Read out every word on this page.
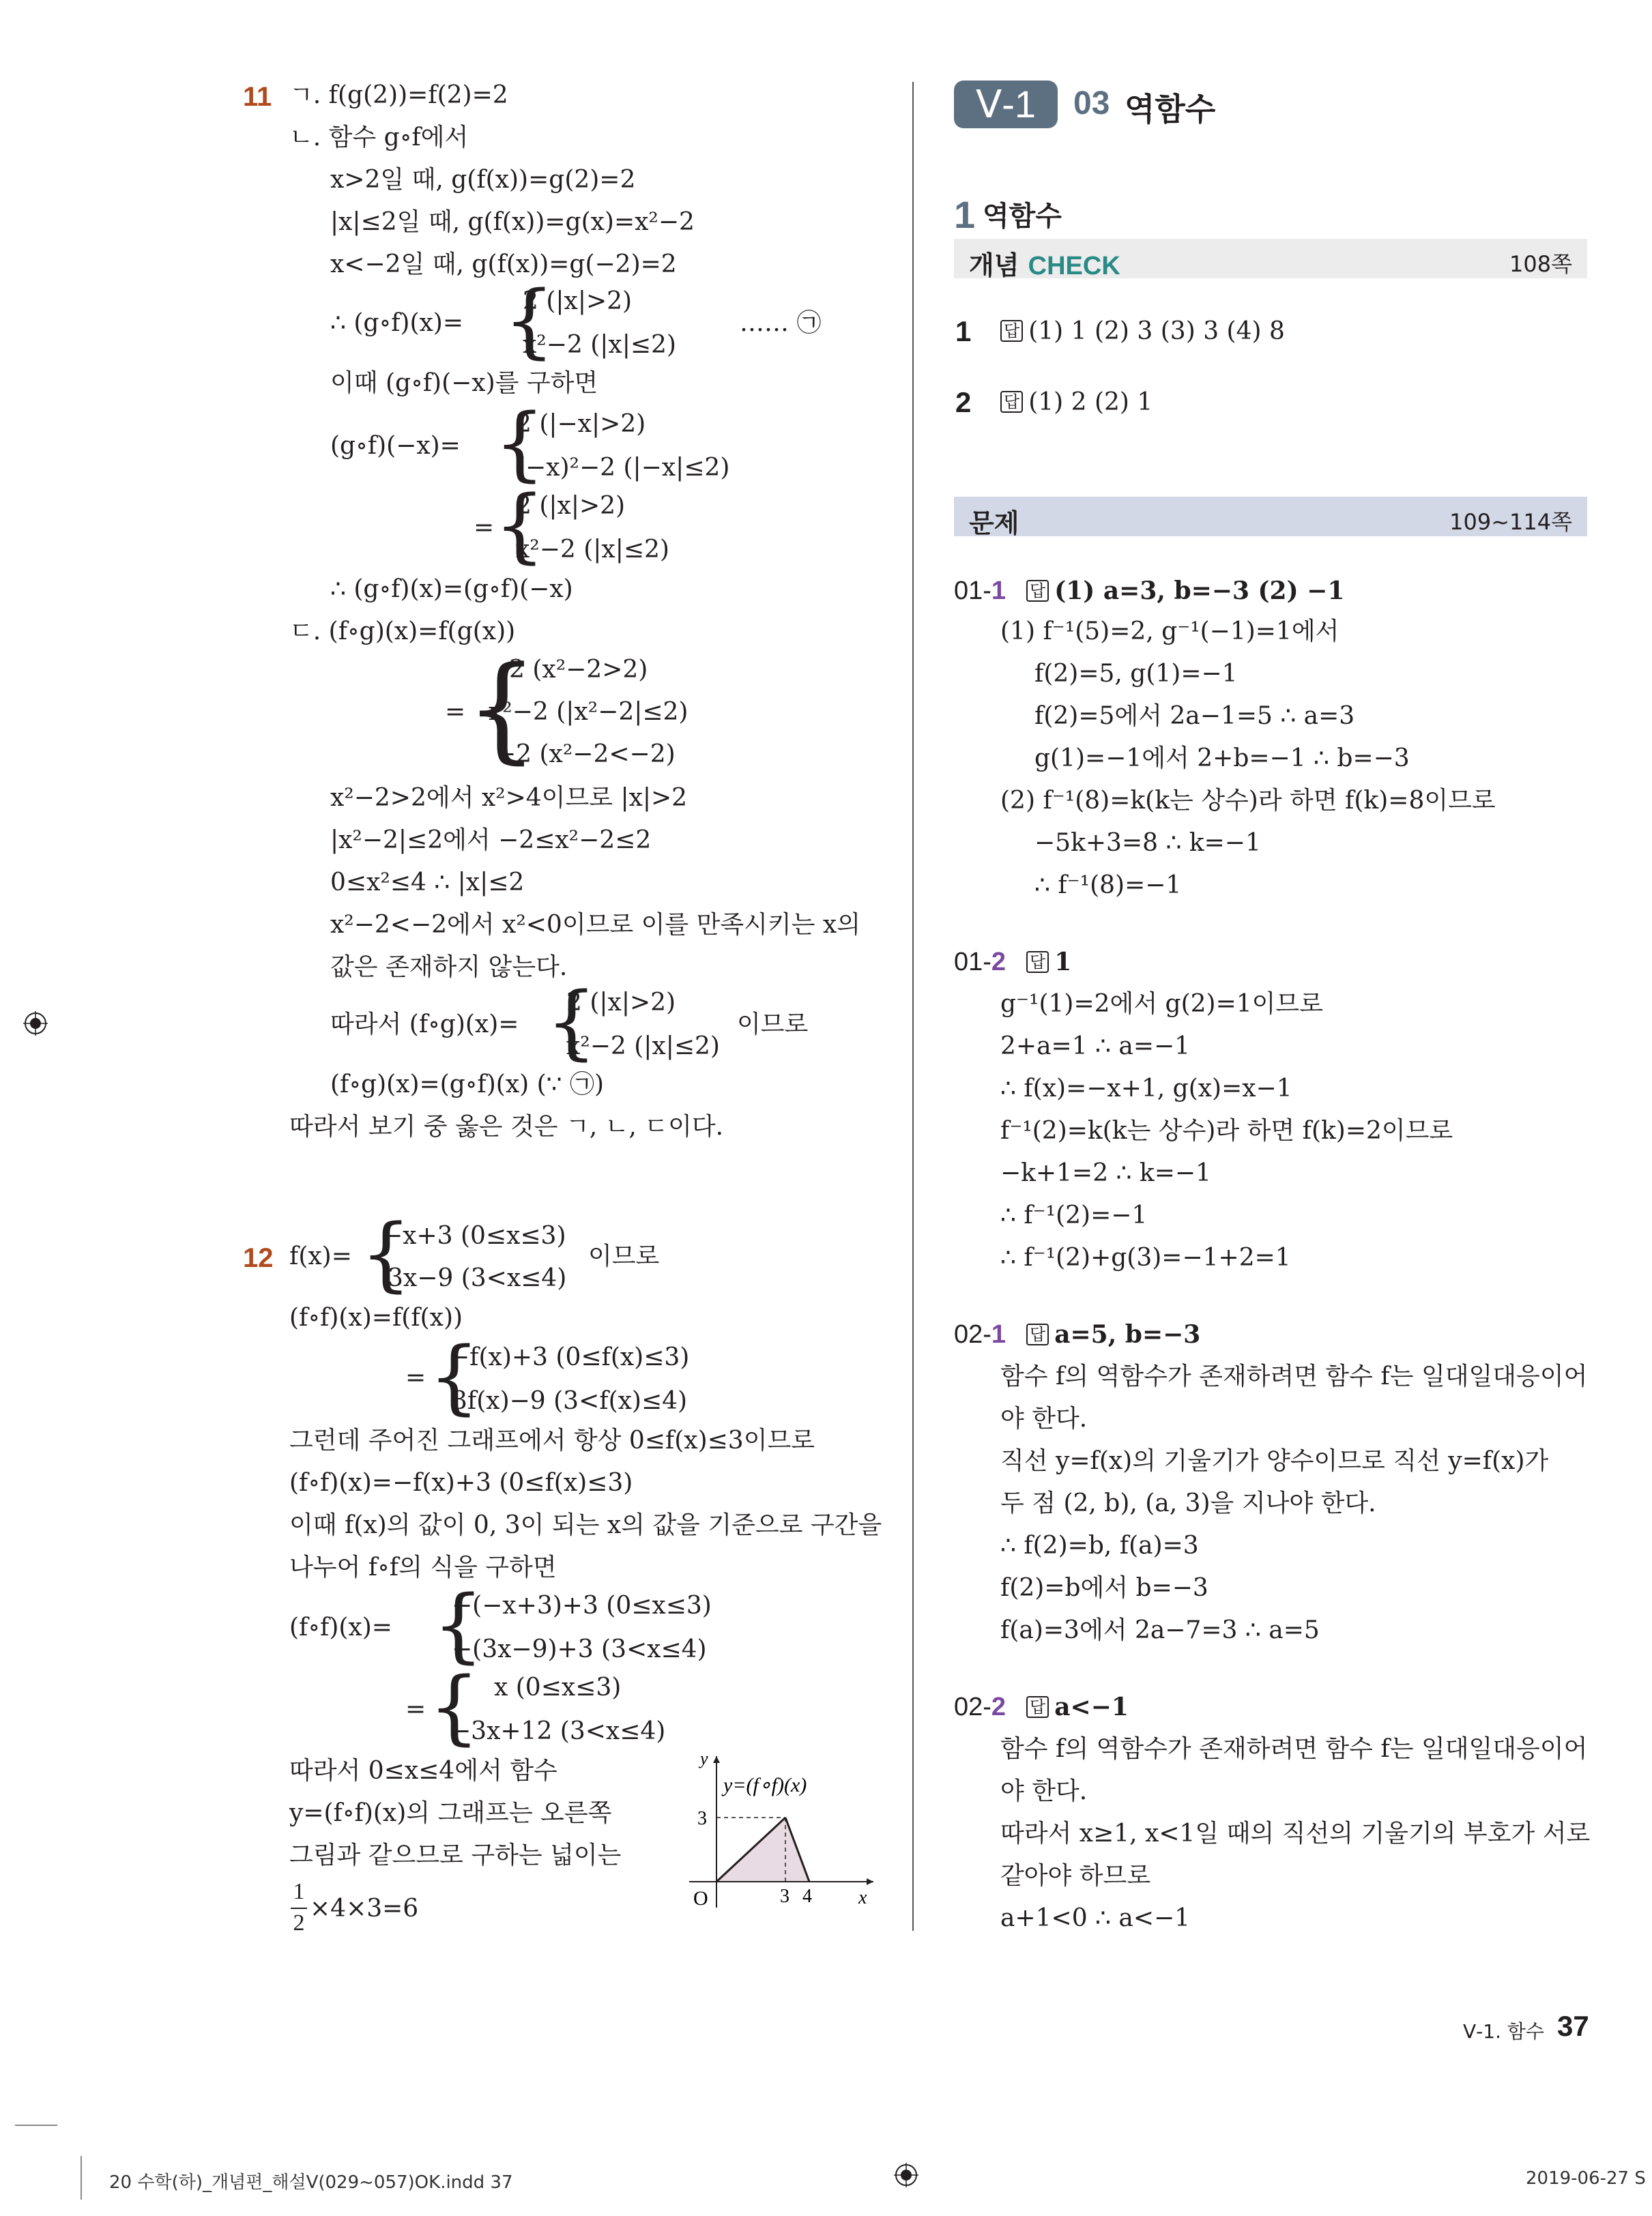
11 ㄱ. f(g(2))=f(2)=2
ㄴ. 함수 g∘f에서
x>2일 때, g(f(x))=g(2)=2
|x|≤2일 때, g(f(x))=g(x)=x²−2
x<−2일 때, g(f(x))=g(−2)=2
∴ (g∘f)(x)= {
2 (|x|>2)
x²−2 (|x|≤2)
…… ㉠
이때 (g∘f)(−x)를 구하면
(g∘f)(−x)= {
2 (|−x|>2)
(−x)²−2 (|−x|≤2)
= {
2 (|x|>2)
x²−2 (|x|≤2)
∴ (g∘f)(x)=(g∘f)(−x)
ㄷ. (f∘g)(x)=f(g(x))
2 (x²−2>2)
= {
x²−2 (|x²−2|≤2)
−2 (x²−2<−2)
x²−2>2에서 x²>4이므로 |x|>2
|x²−2|≤2에서 −2≤x²−2≤2
0≤x²≤4 ∴ |x|≤2
x²−2<−2에서 x²<0이므로 이를 만족시키는 x의
값은 존재하지 않는다.
따라서 (f∘g)(x)= {
2 (|x|>2)
x²−2 (|x|≤2)
이므로
(f∘g)(x)=(g∘f)(x) (∵ ㉠)
따라서 보기 중 옳은 것은 ㄱ, ㄴ, ㄷ이다.
12 f(x)= {
−x+3 (0≤x≤3)
3x−9 (3<x≤4)
이므로
(f∘f)(x)=f(f(x))
= {
−f(x)+3 (0≤f(x)≤3)
3f(x)−9 (3<f(x)≤4)
그런데 주어진 그래프에서 항상 0≤f(x)≤3이므로
(f∘f)(x)=−f(x)+3 (0≤f(x)≤3)
이때 f(x)의 값이 0, 3이 되는 x의 값을 기준으로 구간을
나누어 f∘f의 식을 구하면
(f∘f)(x)= {
−(−x+3)+3 (0≤x≤3)
−(3x−9)+3 (3<x≤4)
= { x (0≤x≤3)
−3x+12 (3<x≤4)
따라서 0≤x≤4에서 함수
y=(f∘f)(x)의 그래프는 오른쪽
그림과 같으므로 구하는 넓이는
1
2
×4×3=6
y=(f∘f)(x)
y
x
O
3
3 4
Ⅴ-1	03 역함수
1 역함수
개념 CHECK	108쪽
1 답 (1) 1 (2) 3 (3) 3 (4) 8
2 답 (1) 2 (2) 1
문제	109∼114쪽
01-1 답 (1) a=3, b=−3 (2) −1
(1) f⁻¹(5)=2, g⁻¹(−1)=1에서
f(2)=5, g(1)=−1
f(2)=5에서 2a−1=5 ∴ a=3
g(1)=−1에서 2+b=−1 ∴ b=−3
(2) f⁻¹(8)=k(k는 상수)라 하면 f(k)=8이므로
−5k+3=8 ∴ k=−1
∴ f⁻¹(8)=−1
01-2 답 1
g⁻¹(1)=2에서 g(2)=1이므로
2+a=1 ∴ a=−1
∴ f(x)=−x+1, g(x)=x−1
f⁻¹(2)=k(k는 상수)라 하면 f(k)=2이므로
−k+1=2 ∴ k=−1
∴ f⁻¹(2)=−1
∴ f⁻¹(2)+g(3)=−1+2=1
02-1 답 a=5, b=−3
함수 f의 역함수가 존재하려면 함수 f는 일대일대응이어
야 한다.
직선 y=f(x)의 기울기가 양수이므로 직선 y=f(x)가
두 점 (2, b), (a, 3)을 지나야 한다.
∴ f(2)=b, f(a)=3
f(2)=b에서 b=−3
f(a)=3에서 2a−7=3 ∴ a=5
02-2 답 a<−1
함수 f의 역함수가 존재하려면 함수 f는 일대일대응이어
야 한다.
따라서 x≥1, x<1일 때의 직선의 기울기의 부호가 서로
같아야 하므로
a+1<0 ∴ a<−1
Ⅴ-1. 함수 37
20 수학(하)_개념편_해설Ⅴ(029~057)OK.indd 37	2019-06-27 S
